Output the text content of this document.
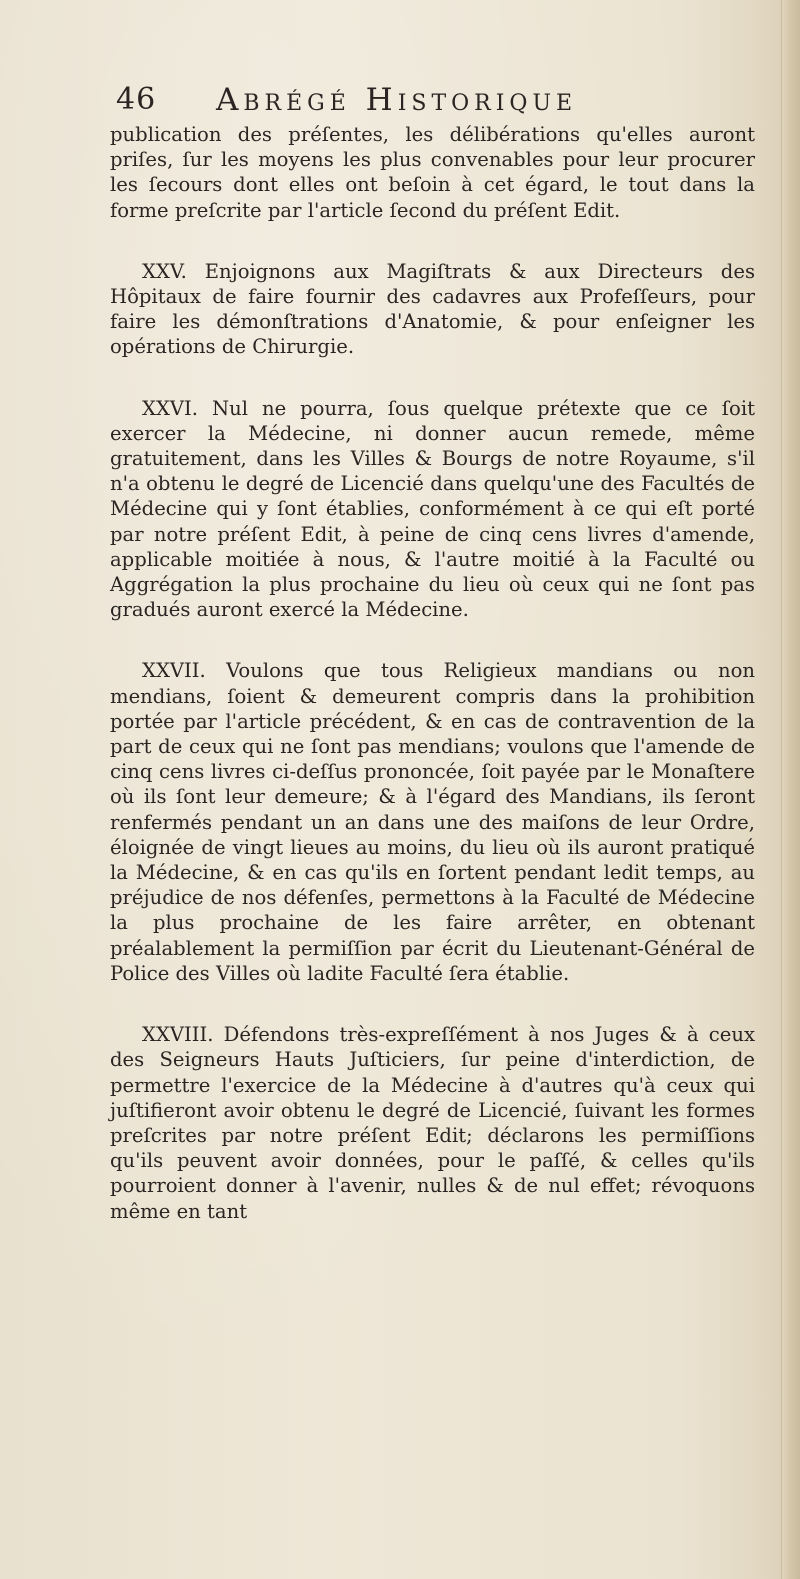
46 Abrégé Historique

publication des préſentes, les délibérations qu'elles auront priſes, ſur les moyens les plus convenables pour leur procurer les ſecours dont elles ont beſoin à cet égard, le tout dans la forme preſcrite par l'article ſecond du préſent Edit.

XXV. Enjoignons aux Magiſtrats & aux Directeurs des Hôpitaux de faire fournir des cadavres aux Profeſſeurs, pour faire les démonſtrations d'Anatomie, & pour enſeigner les opérations de Chirurgie.

XXVI. Nul ne pourra, ſous quelque prétexte que ce ſoit exercer la Médecine, ni donner aucun remede, même gratuitement, dans les Villes & Bourgs de notre Royaume, s'il n'a obtenu le degré de Licencié dans quelqu'une des Facultés de Médecine qui y ſont établies, conformément à ce qui eſt porté par notre préſent Edit, à peine de cinq cens livres d'amende, applicable moitiée à nous, & l'autre moitié à la Faculté ou Aggrégation la plus prochaine du lieu où ceux qui ne ſont pas gradués auront exercé la Médecine.

XXVII. Voulons que tous Religieux mandians ou non mendians, ſoient & demeurent compris dans la prohibition portée par l'article précédent, & en cas de contravention de la part de ceux qui ne ſont pas mendians; voulons que l'amende de cinq cens livres ci-deſſus prononcée, ſoit payée par le Monaſtere où ils ſont leur demeure; & à l'égard des Mandians, ils ſeront renfermés pendant un an dans une des maiſons de leur Ordre, éloignée de vingt lieues au moins, du lieu où ils auront pratiqué la Médecine, & en cas qu'ils en ſortent pendant ledit temps, au préjudice de nos défenſes, permettons à la Faculté de Médecine la plus prochaine de les faire arrêter, en obtenant préalablement la permiſſion par écrit du Lieutenant-Général de Police des Villes où ladite Faculté ſera établie.

XXVIII. Défendons très-expreſſément à nos Juges & à ceux des Seigneurs Hauts Juſticiers, ſur peine d'interdiction, de permettre l'exercice de la Médecine à d'autres qu'à ceux qui juſtifieront avoir obtenu le degré de Licencié, ſuivant les formes preſcrites par notre préſent Edit; déclarons les permiſſions qu'ils peuvent avoir données, pour le paſſé, & celles qu'ils pourroient donner à l'avenir, nulles & de nul effet; révoquons même en tant
